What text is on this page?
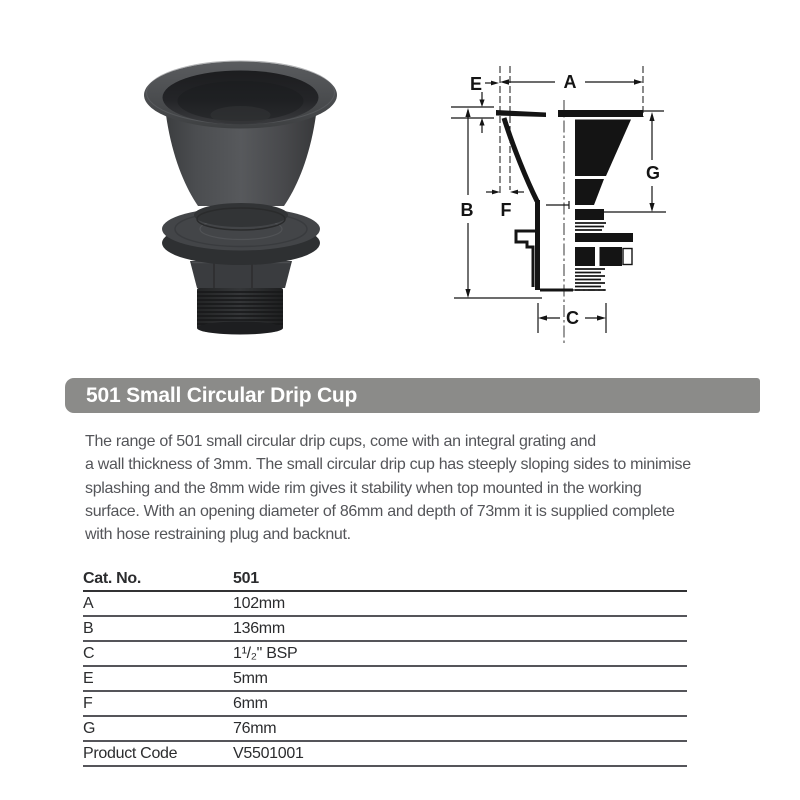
A
E
B F
G
C
501 Small Circular Drip Cup
The range of 501 small circular drip cups, come with an integral grating and
a wall thickness of 3mm. The small circular drip cup has steeply sloping sides to minimise
splashing and the 8mm wide rim gives it stability when top mounted in the working
surface. With an opening diameter of 86mm and depth of 73mm it is supplied complete
with hose restraining plug and backnut.
Cat. No.	501
A	102mm
B	136mm
C	1¹/₂" BSP
E	5mm
F	6mm
G	76mm
Product Code	V5501001
